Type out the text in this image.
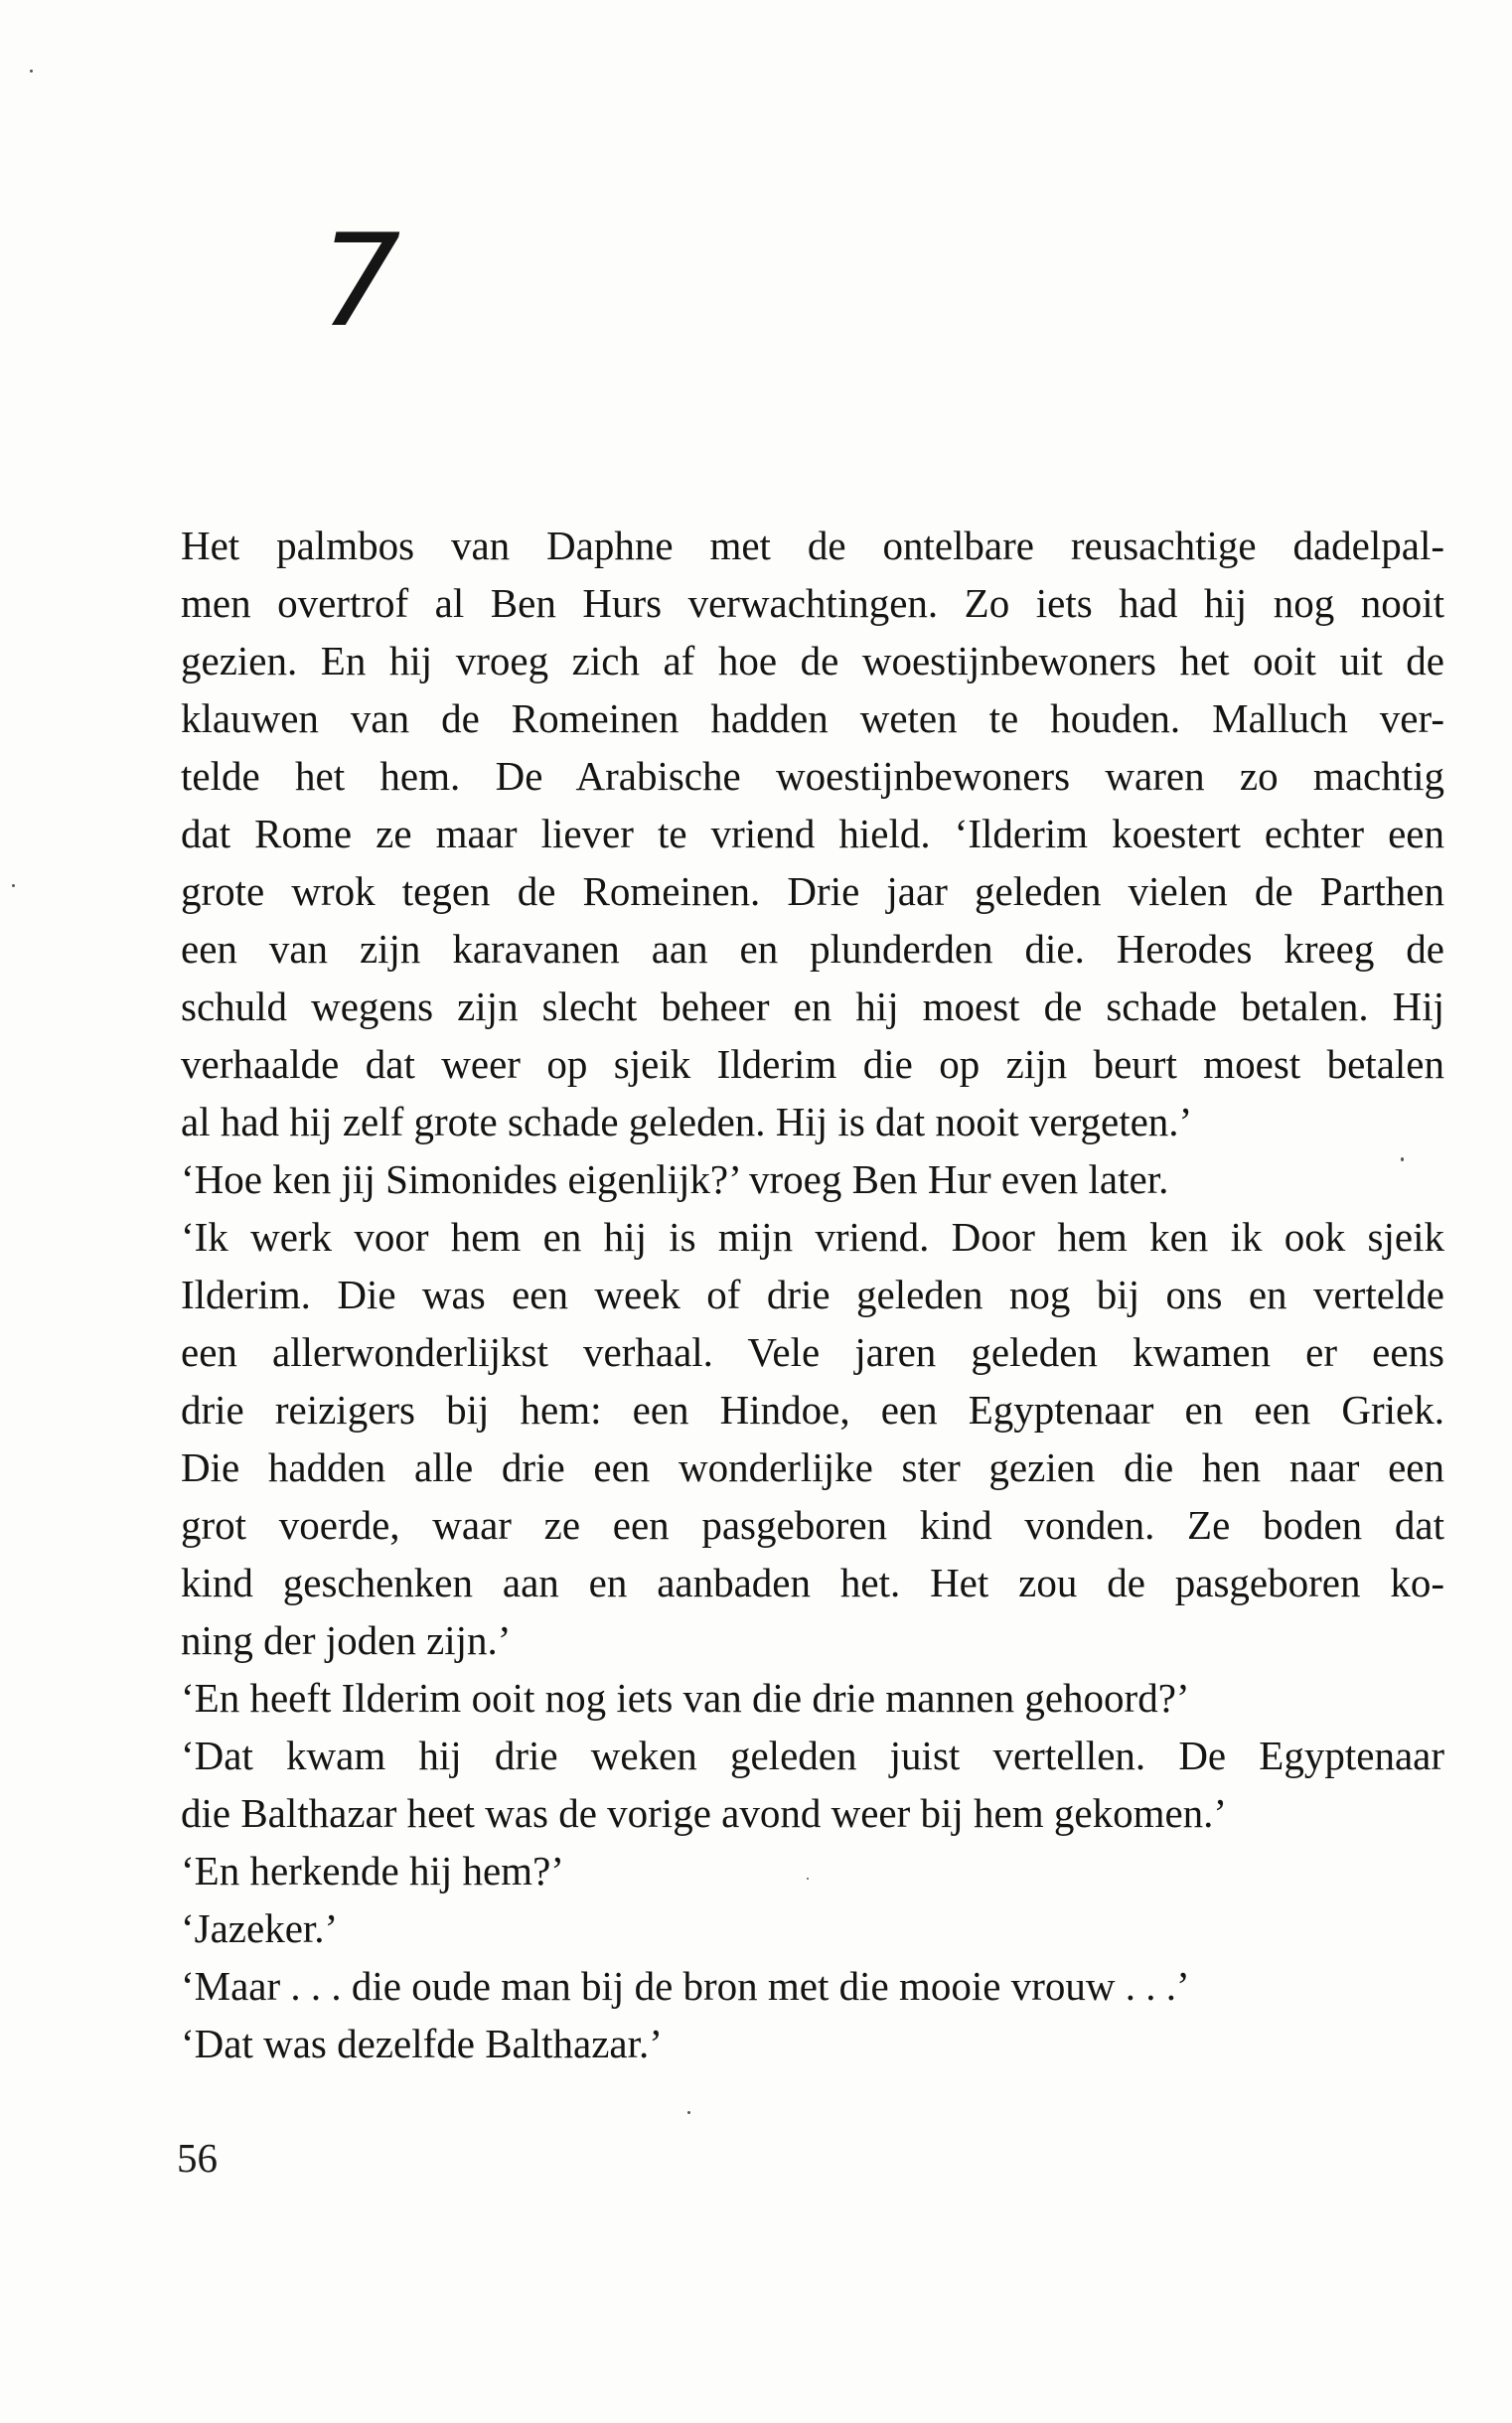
7
Het palmbos van Daphne met de ontelbare reusachtige dadelpal-
men overtrof al Ben Hurs verwachtingen. Zo iets had hij nog nooit
gezien. En hij vroeg zich af hoe de woestijnbewoners het ooit uit de
klauwen van de Romeinen hadden weten te houden. Malluch ver-
telde het hem. De Arabische woestijnbewoners waren zo machtig
dat Rome ze maar liever te vriend hield. ‘Ilderim koestert echter een
grote wrok tegen de Romeinen. Drie jaar geleden vielen de Parthen
een van zijn karavanen aan en plunderden die. Herodes kreeg de
schuld wegens zijn slecht beheer en hij moest de schade betalen. Hij
verhaalde dat weer op sjeik Ilderim die op zijn beurt moest betalen
al had hij zelf grote schade geleden. Hij is dat nooit vergeten.’
‘Hoe ken jij Simonides eigenlijk?’ vroeg Ben Hur even later.
‘Ik werk voor hem en hij is mijn vriend. Door hem ken ik ook sjeik
Ilderim. Die was een week of drie geleden nog bij ons en vertelde
een allerwonderlijkst verhaal. Vele jaren geleden kwamen er eens
drie reizigers bij hem: een Hindoe, een Egyptenaar en een Griek.
Die hadden alle drie een wonderlijke ster gezien die hen naar een
grot voerde, waar ze een pasgeboren kind vonden. Ze boden dat
kind geschenken aan en aanbaden het. Het zou de pasgeboren ko-
ning der joden zijn.’
‘En heeft Ilderim ooit nog iets van die drie mannen gehoord?’
‘Dat kwam hij drie weken geleden juist vertellen. De Egyptenaar
die Balthazar heet was de vorige avond weer bij hem gekomen.’
‘En herkende hij hem?’
‘Jazeker.’
‘Maar . . . die oude man bij de bron met die mooie vrouw . . .’
‘Dat was dezelfde Balthazar.’
56
